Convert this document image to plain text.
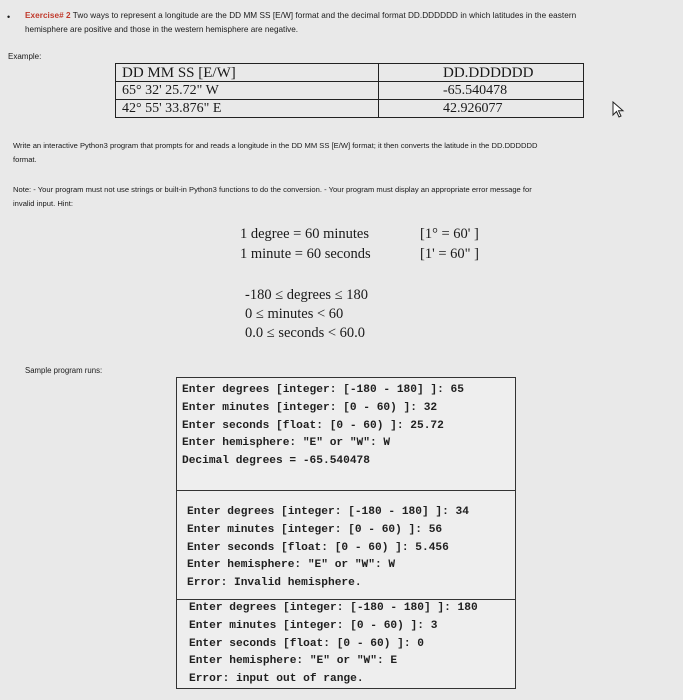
• Exercise# 2 Two ways to represent a longitude are the DD MM SS [E/W] format and the decimal format DD.DDDDDD in which latitudes in the eastern
hemisphere are positive and those in the western hemisphere are negative.
Example:
DD MM SS [E/W]	DD.DDDDDD
65° 32' 25.72" W	-65.540478
42° 55' 33.876" E	42.926077
Write an interactive Python3 program that prompts for and reads a longitude in the DD MM SS [E/W] format; it then converts the latitude in the DD.DDDDDD
format.
Note: - Your program must not use strings or built-in Python3 functions to do the conversion. - Your program must display an appropriate error message for
invalid input. Hint:
1 degree = 60 minutes	[1° = 60' ]
1 minute = 60 seconds	[1' = 60" ]
-180 ≤ degrees ≤ 180
0 ≤ minutes < 60
0.0 ≤ seconds < 60.0
Sample program runs:
Enter degrees [integer: [-180 - 180] ]: 65
Enter minutes [integer: [0 - 60) ]: 32
Enter seconds [float: [0 - 60) ]: 25.72
Enter hemisphere: "E" or "W": W
Decimal degrees = -65.540478
Enter degrees [integer: [-180 - 180] ]: 34
Enter minutes [integer: [0 - 60) ]: 56
Enter seconds [float: [0 - 60) ]: 5.456
Enter hemisphere: "E" or "W": W
Error: Invalid hemisphere.
Enter degrees [integer: [-180 - 180] ]: 180
Enter minutes [integer: [0 - 60) ]: 3
Enter seconds [float: [0 - 60) ]: 0
Enter hemisphere: "E" or "W": E
Error: input out of range.
